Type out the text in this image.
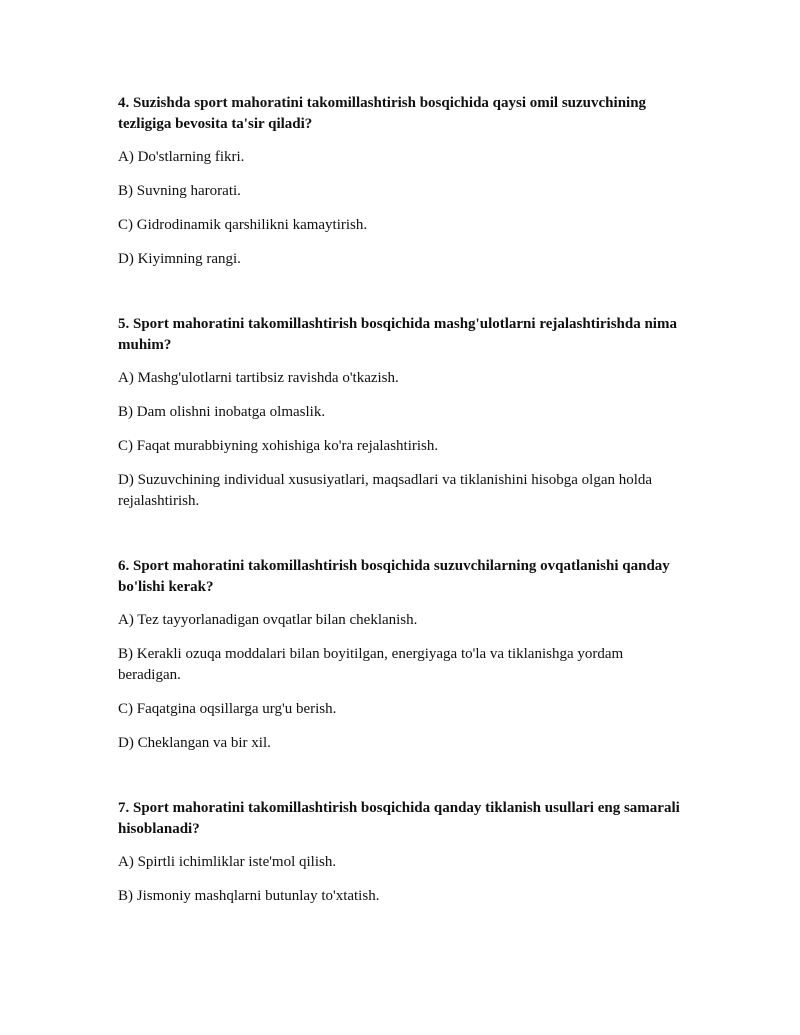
4. Suzishda sport mahoratini takomillashtirish bosqichida qaysi omil suzuvchining tezligiga bevosita ta'sir qiladi?

A) Do'stlarning fikri.

B) Suvning harorati.

C) Gidrodinamik qarshilikni kamaytirish.

D) Kiyimning rangi.

5. Sport mahoratini takomillashtirish bosqichida mashg'ulotlarni rejalashtirishda nima muhim?

A) Mashg'ulotlarni tartibsiz ravishda o'tkazish.

B) Dam olishni inobatga olmaslik.

C) Faqat murabbiyning xohishiga ko'ra rejalashtirish.

D) Suzuvchining individual xususiyatlari, maqsadlari va tiklanishini hisobga olgan holda rejalashtirish.

6. Sport mahoratini takomillashtirish bosqichida suzuvchilarning ovqatlanishi qanday bo'lishi kerak?

A) Tez tayyorlanadigan ovqatlar bilan cheklanish.

B) Kerakli ozuqa moddalari bilan boyitilgan, energiyaga to'la va tiklanishga yordam beradigan.

C) Faqatgina oqsillarga urg'u berish.

D) Cheklangan va bir xil.

7. Sport mahoratini takomillashtirish bosqichida qanday tiklanish usullari eng samarali hisoblanadi?

A) Spirtli ichimliklar iste'mol qilish.

B) Jismoniy mashqlarni butunlay to'xtatish.
